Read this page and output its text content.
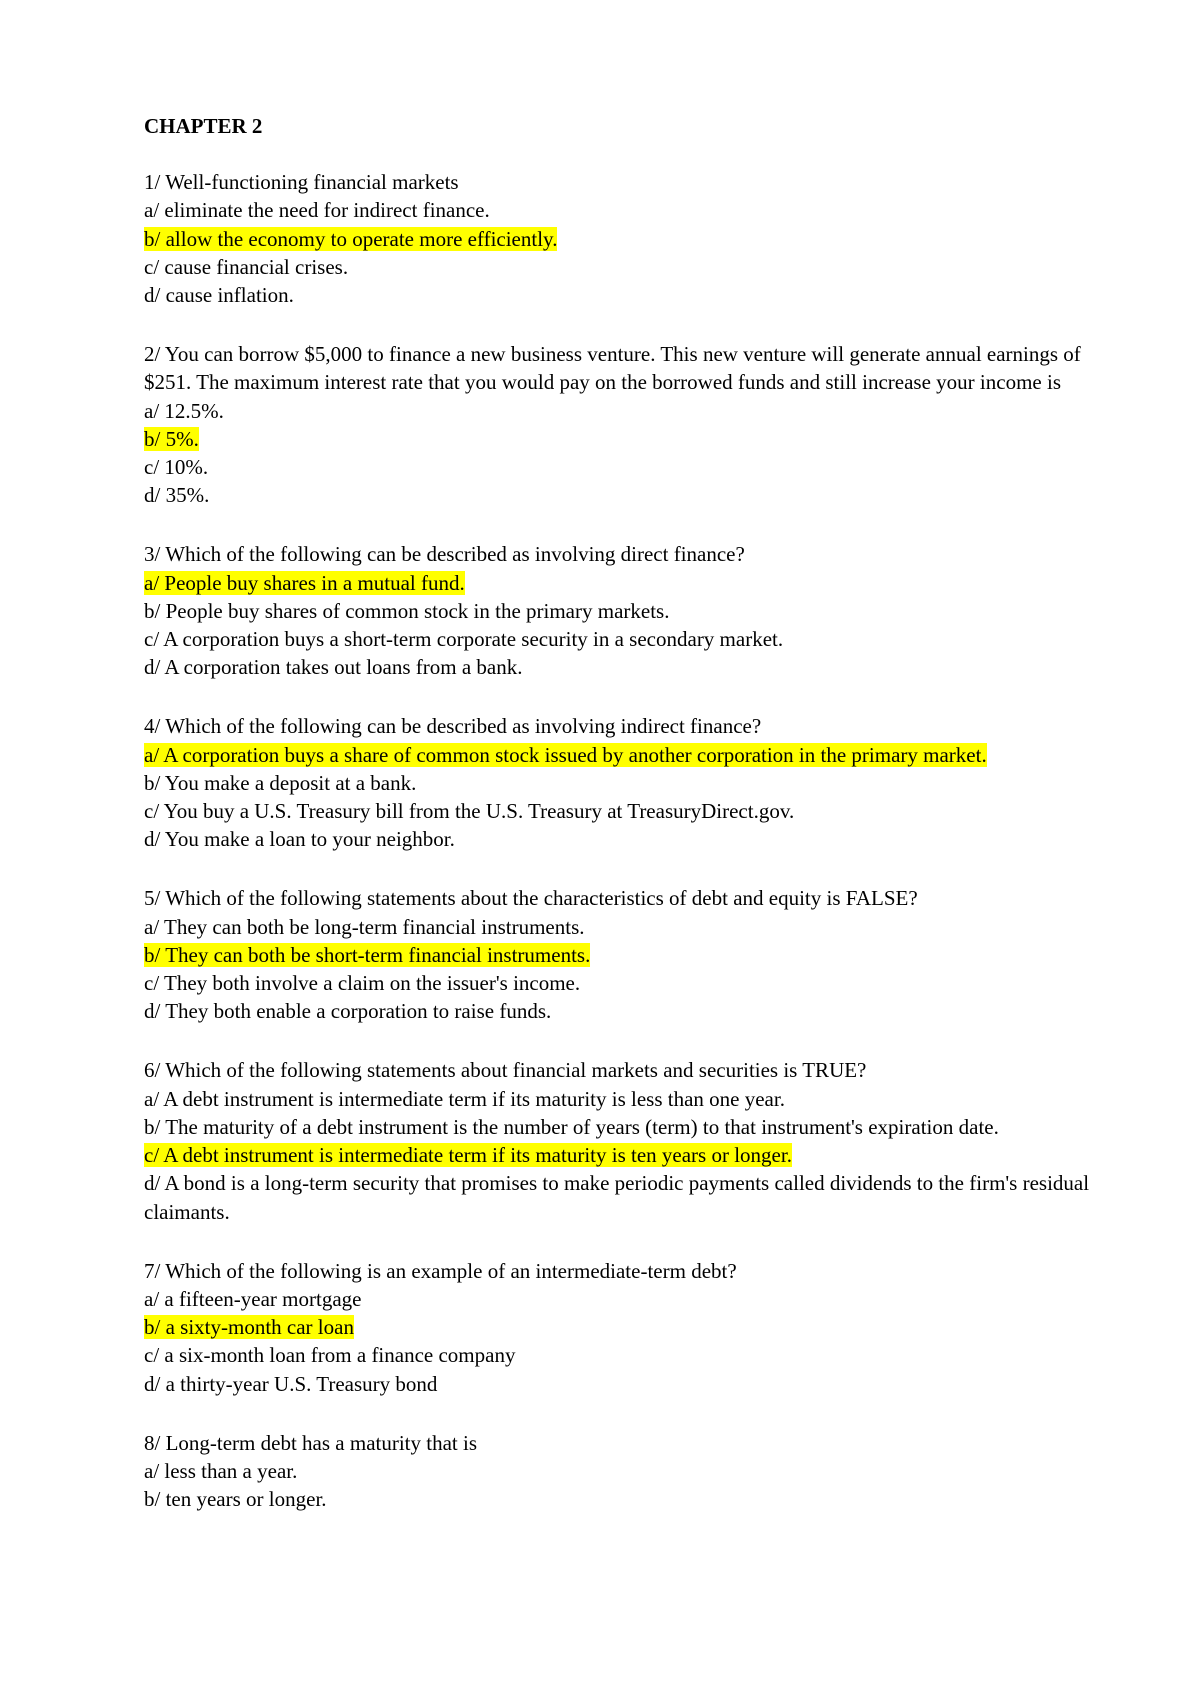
CHAPTER 2
1/ Well-functioning financial markets
a/ eliminate the need for indirect finance.
b/ allow the economy to operate more efficiently.
c/ cause financial crises.
d/ cause inflation.
2/ You can borrow $5,000 to finance a new business venture. This new venture will generate annual earnings of $251. The maximum interest rate that you would pay on the borrowed funds and still increase your income is
a/ 12.5%.
b/ 5%.
c/ 10%.
d/ 35%.
3/ Which of the following can be described as involving direct finance?
a/ People buy shares in a mutual fund.
b/ People buy shares of common stock in the primary markets.
c/ A corporation buys a short-term corporate security in a secondary market.
d/ A corporation takes out loans from a bank.
4/ Which of the following can be described as involving indirect finance?
a/ A corporation buys a share of common stock issued by another corporation in the primary market.
b/ You make a deposit at a bank.
c/ You buy a U.S. Treasury bill from the U.S. Treasury at TreasuryDirect.gov.
d/ You make a loan to your neighbor.
5/ Which of the following statements about the characteristics of debt and equity is FALSE?
a/ They can both be long-term financial instruments.
b/ They can both be short-term financial instruments.
c/ They both involve a claim on the issuer's income.
d/ They both enable a corporation to raise funds.
6/ Which of the following statements about financial markets and securities is TRUE?
a/ A debt instrument is intermediate term if its maturity is less than one year.
b/ The maturity of a debt instrument is the number of years (term) to that instrument's expiration date.
c/ A debt instrument is intermediate term if its maturity is ten years or longer.
d/ A bond is a long-term security that promises to make periodic payments called dividends to the firm's residual claimants.
7/ Which of the following is an example of an intermediate-term debt?
a/ a fifteen-year mortgage
b/ a sixty-month car loan
c/ a six-month loan from a finance company
d/ a thirty-year U.S. Treasury bond
8/ Long-term debt has a maturity that is
a/ less than a year.
b/ ten years or longer.
